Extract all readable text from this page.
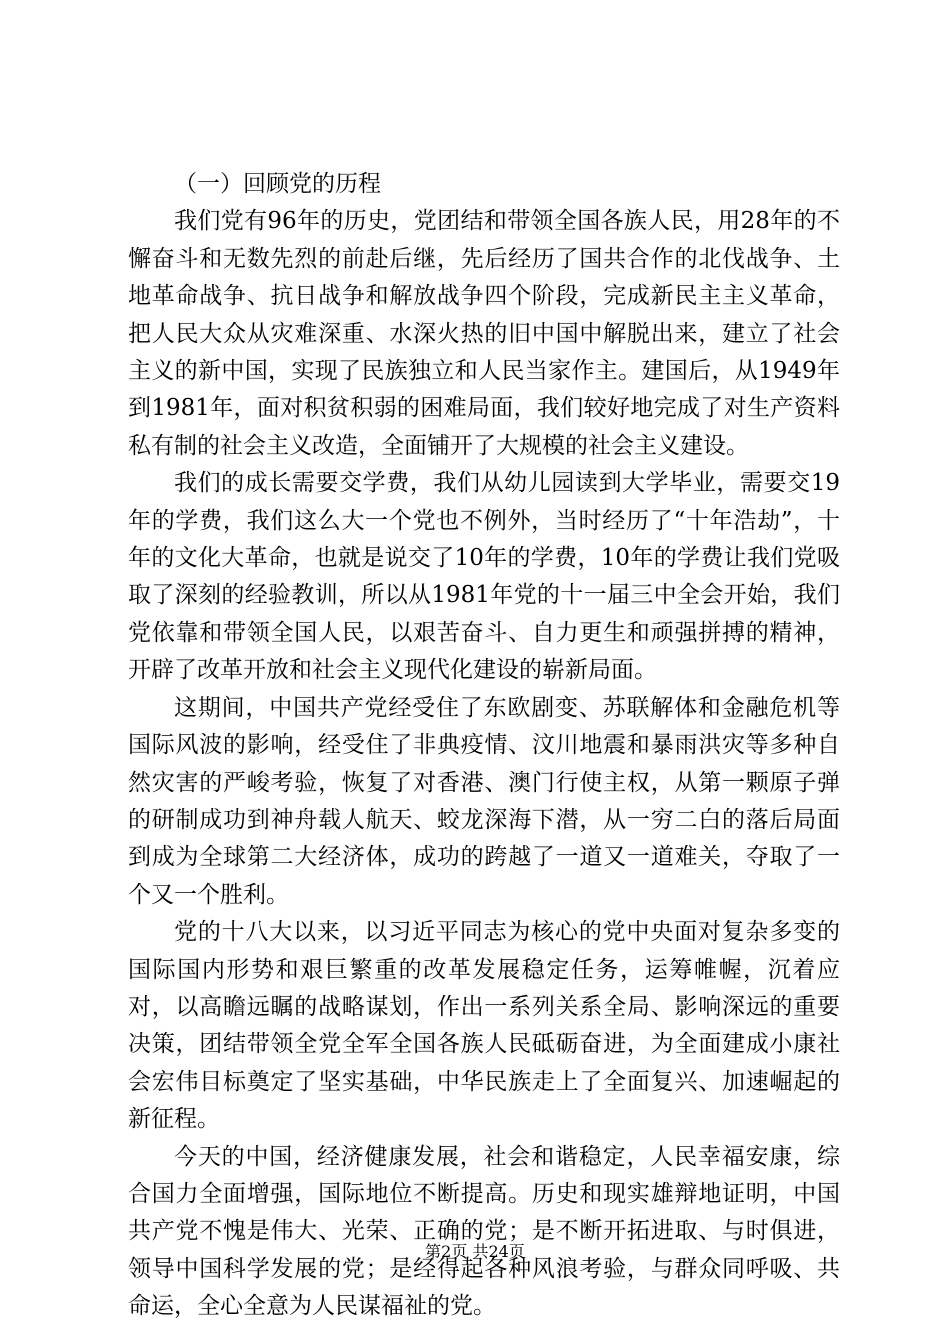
（一）回顾党的历程

我们党有96年的历史，党团结和带领全国各族人民，用28年的不懈奋斗和无数先烈的前赴后继，先后经历了国共合作的北伐战争、土地革命战争、抗日战争和解放战争四个阶段，完成新民主主义革命，把人民大众从灾难深重、水深火热的旧中国中解脱出来，建立了社会主义的新中国，实现了民族独立和人民当家作主。建国后，从1949年到1981年，面对积贫积弱的困难局面，我们较好地完成了对生产资料私有制的社会主义改造，全面铺开了大规模的社会主义建设。

我们的成长需要交学费，我们从幼儿园读到大学毕业，需要交19年的学费，我们这么大一个党也不例外，当时经历了“十年浩劫”，十年的文化大革命，也就是说交了10年的学费，10年的学费让我们党吸取了深刻的经验教训，所以从1981年党的十一届三中全会开始，我们党依靠和带领全国人民，以艰苦奋斗、自力更生和顽强拼搏的精神，开辟了改革开放和社会主义现代化建设的崭新局面。

这期间，中国共产党经受住了东欧剧变、苏联解体和金融危机等国际风波的影响，经受住了非典疫情、汶川地震和暴雨洪灾等多种自然灾害的严峻考验，恢复了对香港、澳门行使主权，从第一颗原子弹的研制成功到神舟载人航天、蛟龙深海下潜，从一穷二白的落后局面到成为全球第二大经济体，成功的跨越了一道又一道难关，夺取了一个又一个胜利。

党的十八大以来，以习近平同志为核心的党中央面对复杂多变的国际国内形势和艰巨繁重的改革发展稳定任务，运筹帷幄，沉着应对，以高瞻远瞩的战略谋划，作出一系列关系全局、影响深远的重要决策，团结带领全党全军全国各族人民砥砺奋进，为全面建成小康社会宏伟目标奠定了坚实基础，中华民族走上了全面复兴、加速崛起的新征程。

今天的中国，经济健康发展，社会和谐稳定，人民幸福安康，综合国力全面增强，国际地位不断提高。历史和现实雄辩地证明，中国共产党不愧是伟大、光荣、正确的党；是不断开拓进取、与时俱进，领导中国科学发展的党；是经得起各种风浪考验，与群众同呼吸、共命运，全心全意为人民谋福祉的党。

第2页 共24页
